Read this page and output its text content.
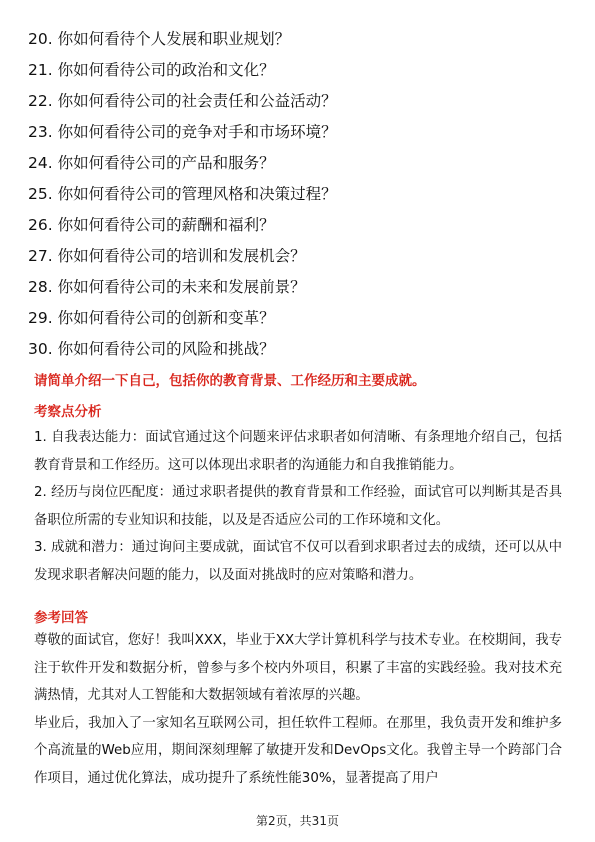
20. 你如何看待个人发展和职业规划？
21. 你如何看待公司的政治和文化？
22. 你如何看待公司的社会责任和公益活动？
23. 你如何看待公司的竞争对手和市场环境？
24. 你如何看待公司的产品和服务？
25. 你如何看待公司的管理风格和决策过程？
26. 你如何看待公司的薪酬和福利？
27. 你如何看待公司的培训和发展机会？
28. 你如何看待公司的未来和发展前景？
29. 你如何看待公司的创新和变革？
30. 你如何看待公司的风险和挑战？
请简单介绍一下自己，包括你的教育背景、工作经历和主要成就。
考察点分析

1. 自我表达能力：面试官通过这个问题来评估求职者如何清晰、有条理地介绍自己，包括教育背景和工作经历。这可以体现出求职者的沟通能力和自我推销能力。

2. 经历与岗位匹配度：通过求职者提供的教育背景和工作经验，面试官可以判断其是否具备职位所需的专业知识和技能，以及是否适应公司的工作环境和文化。

3. 成就和潜力：通过询问主要成就，面试官不仅可以看到求职者过去的成绩，还可以从中发现求职者解决问题的能力，以及面对挑战时的应对策略和潜力。

参考回答

尊敬的面试官，您好！我叫XXX，毕业于XX大学计算机科学与技术专业。在校期间，我专注于软件开发和数据分析，曾参与多个校内外项目，积累了丰富的实践经验。我对技术充满热情，尤其对人工智能和大数据领域有着浓厚的兴趣。

毕业后，我加入了一家知名互联网公司，担任软件工程师。在那里，我负责开发和维护多个高流量的Web应用，期间深刻理解了敏捷开发和DevOps文化。我曾主导一个跨部门合作项目，通过优化算法，成功提升了系统性能30%，显著提高了用户

第2页，共31页
